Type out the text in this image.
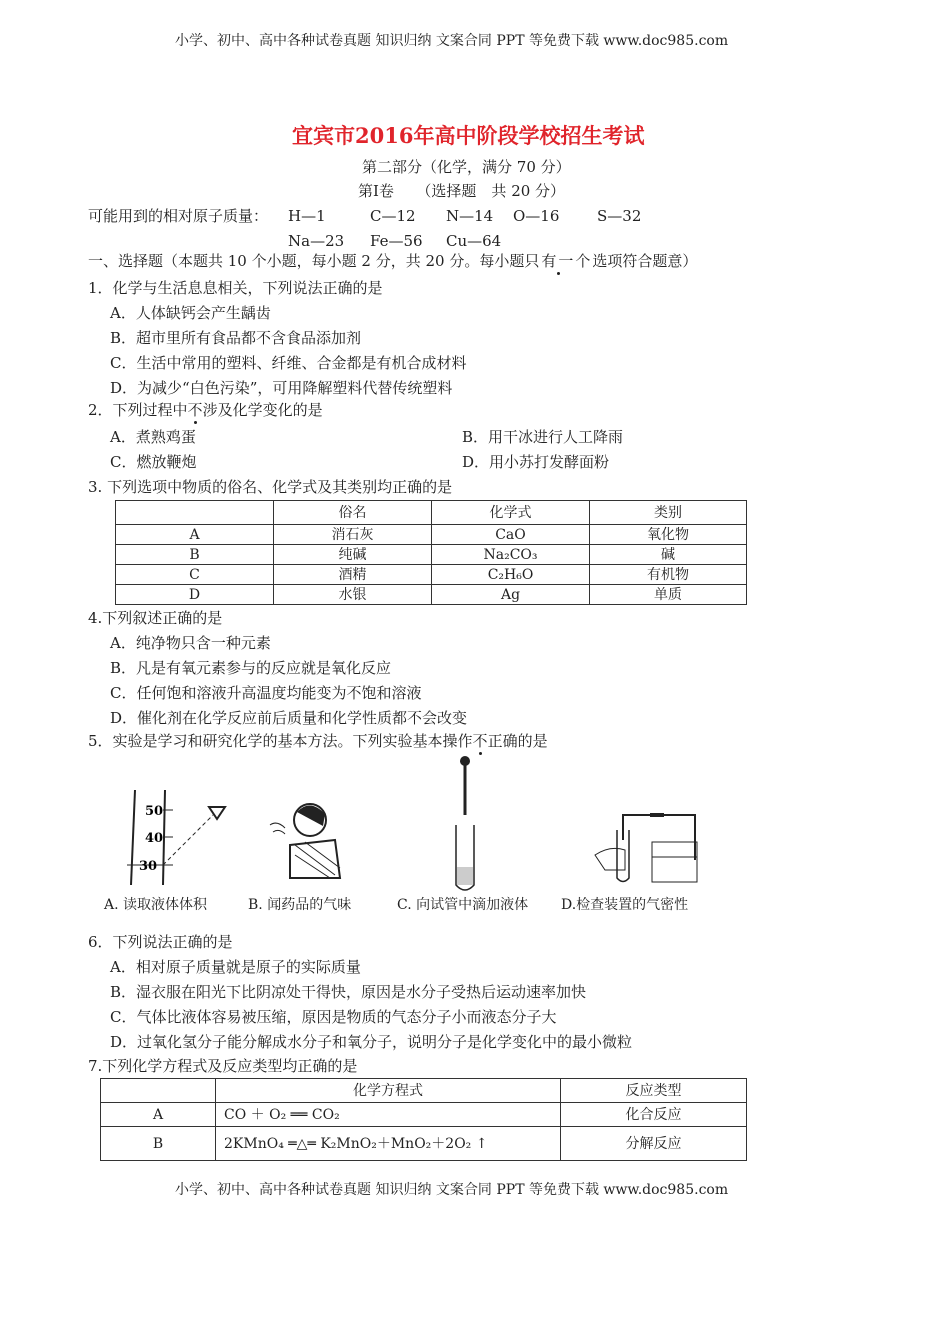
小学、初中、高中各种试卷真题 知识归纳 文案合同 PPT 等免费下载 www.doc985.com
宜宾市2016年高中阶段学校招生考试
第二部分（化学，满分 70 分）
第Ⅰ卷　　（选择题　共 20 分）
可能用到的相对原子质量： H—1	C—12 N—14 O—16	S—32
Na—23 Fe—56 Cu—64
一、选择题（本题共 10 个小题，每小题 2 分，共 20 分。每小题只有一个选项符合题意）
1．化学与生活息息相关，下列说法正确的是
A．人体缺钙会产生龋齿
B．超市里所有食品都不含食品添加剂
C．生活中常用的塑料、纤维、合金都是有机合成材料
D．为减少“白色污染”，可用降解塑料代替传统塑料
2．下列过程中不涉及化学变化的是
A．煮熟鸡蛋	B．用干冰进行人工降雨
C．燃放鞭炮	D．用小苏打发酵面粉
3. 下列选项中物质的俗名、化学式及其类别均正确的是
	俗名	化学式	类别
A	消石灰	CaO	氧化物
B	纯碱	Na₂CO₃	碱
C	酒精	C₂H₆O	有机物
D	水银	Ag	单质
4.下列叙述正确的是
A．纯净物只含一种元素
B．凡是有氧元素参与的反应就是氧化反应
C．任何饱和溶液升高温度均能变为不饱和溶液
D．催化剂在化学反应前后质量和化学性质都不会改变
5．实验是学习和研究化学的基本方法。下列实验基本操作不正确的是
50
40
30
A. 读取液体体积	B. 闻药品的气味	C. 向试管中滴加液体 D.检查装置的气密性
6．下列说法正确的是
A．相对原子质量就是原子的实际质量
B．湿衣服在阳光下比阴凉处干得快，原因是水分子受热后运动速率加快
C．气体比液体容易被压缩，原因是物质的气态分子小而液态分子大
D．过氧化氢分子能分解成水分子和氧分子，说明分子是化学变化中的最小微粒
7.下列化学方程式及反应类型均正确的是
	化学方程式	反应类型
A	CO ＋ O₂ ══ CO₂	化合反应
B	2KMnO₄ ═△═ K₂MnO₂＋MnO₂＋2O₂ ↑	分解反应
小学、初中、高中各种试卷真题 知识归纳 文案合同 PPT 等免费下载 www.doc985.com
